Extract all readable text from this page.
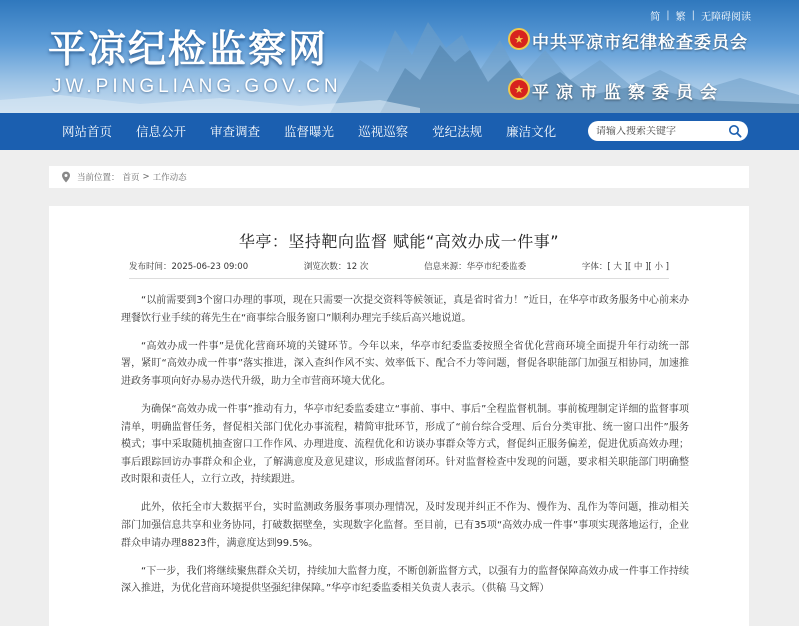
简 | 繁 | 无障碍阅读
平凉纪检监察网
JW.PINGLIANG.GOV.CN
★ 中共平凉市纪律检查委员会
★ 平凉市监察委员会
网站首页	信息公开	审查调查	监督曝光	巡视巡察	党纪法规	廉洁文化
请输入搜索关键字
当前位置： 首页 > 工作动态
华亭：坚持靶向监督 赋能“高效办成一件事”
发布时间：2025-06-23 09:00	浏览次数：12 次	信息来源：华亭市纪委监委	字体：[ 大 ][ 中 ][ 小 ]

“以前需要到3个窗口办理的事项，现在只需要一次提交资料等候领证，真是省时省力！”近日，在华亭市政务服务中心前来办理餐饮行业手续的蒋先生在“商事综合服务窗口”顺利办理完手续后高兴地说道。

“高效办成一件事”是优化营商环境的关键环节。今年以来，华亭市纪委监委按照全省优化营商环境全面提升年行动统一部署，紧盯“高效办成一件事”落实推进，深入查纠作风不实、效率低下、配合不力等问题，督促各职能部门加强互相协同，加速推进政务事项向好办易办迭代升级，助力全市营商环境大优化。

为确保“高效办成一件事”推动有力，华亭市纪委监委建立“事前、事中、事后”全程监督机制。事前梳理制定详细的监督事项清单，明确监督任务，督促相关部门优化办事流程，精简审批环节，形成了“前台综合受理、后台分类审批、统一窗口出件”服务模式；事中采取随机抽查窗口工作作风、办理进度、流程优化和访谈办事群众等方式，督促纠正服务偏差，促进优质高效办理；事后跟踪回访办事群众和企业，了解满意度及意见建议，形成监督闭环。针对监督检查中发现的问题，要求相关职能部门明确整改时限和责任人，立行立改，持续跟进。

此外，依托全市大数据平台，实时监测政务服务事项办理情况，及时发现并纠正不作为、慢作为、乱作为等问题，推动相关部门加强信息共享和业务协同，打破数据壁垒，实现数字化监督。至目前，已有35项“高效办成一件事”事项实现落地运行，企业群众申请办理8823件，满意度达到99.5%。

“下一步，我们将继续聚焦群众关切，持续加大监督力度，不断创新监督方式，以强有力的监督保障高效办成一件事工作持续深入推进，为优化营商环境提供坚强纪律保障。”华亭市纪委监委相关负责人表示。（供稿 马文辉）
